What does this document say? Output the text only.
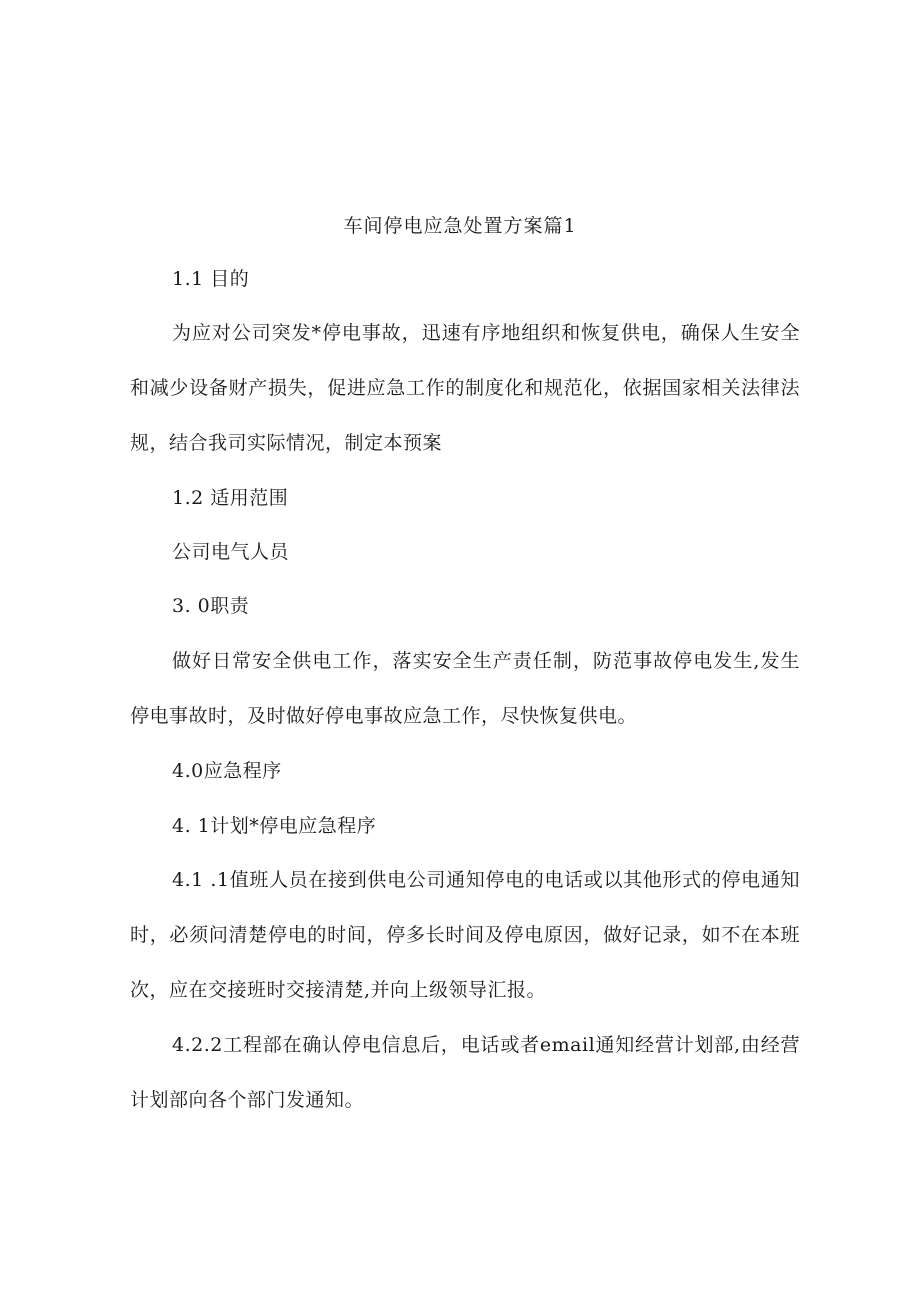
车间停电应急处置方案篇1
1.1 目的
为应对公司突发*停电事故，迅速有序地组织和恢复供电，确保人生安全和减少设备财产损失，促进应急工作的制度化和规范化，依据国家相关法律法规，结合我司实际情况，制定本预案
1.2 适用范围
公司电气人员
3. 0职责
做好日常安全供电工作，落实安全生产责任制，防范事故停电发生,发生停电事故时，及时做好停电事故应急工作，尽快恢复供电。
4.0应急程序
4. 1计划*停电应急程序
4.1 .1值班人员在接到供电公司通知停电的电话或以其他形式的停电通知时，必须问清楚停电的时间，停多长时间及停电原因，做好记录，如不在本班次，应在交接班时交接清楚,并向上级领导汇报。
4.2.2工程部在确认停电信息后，电话或者email通知经营计划部,由经营计划部向各个部门发通知。
